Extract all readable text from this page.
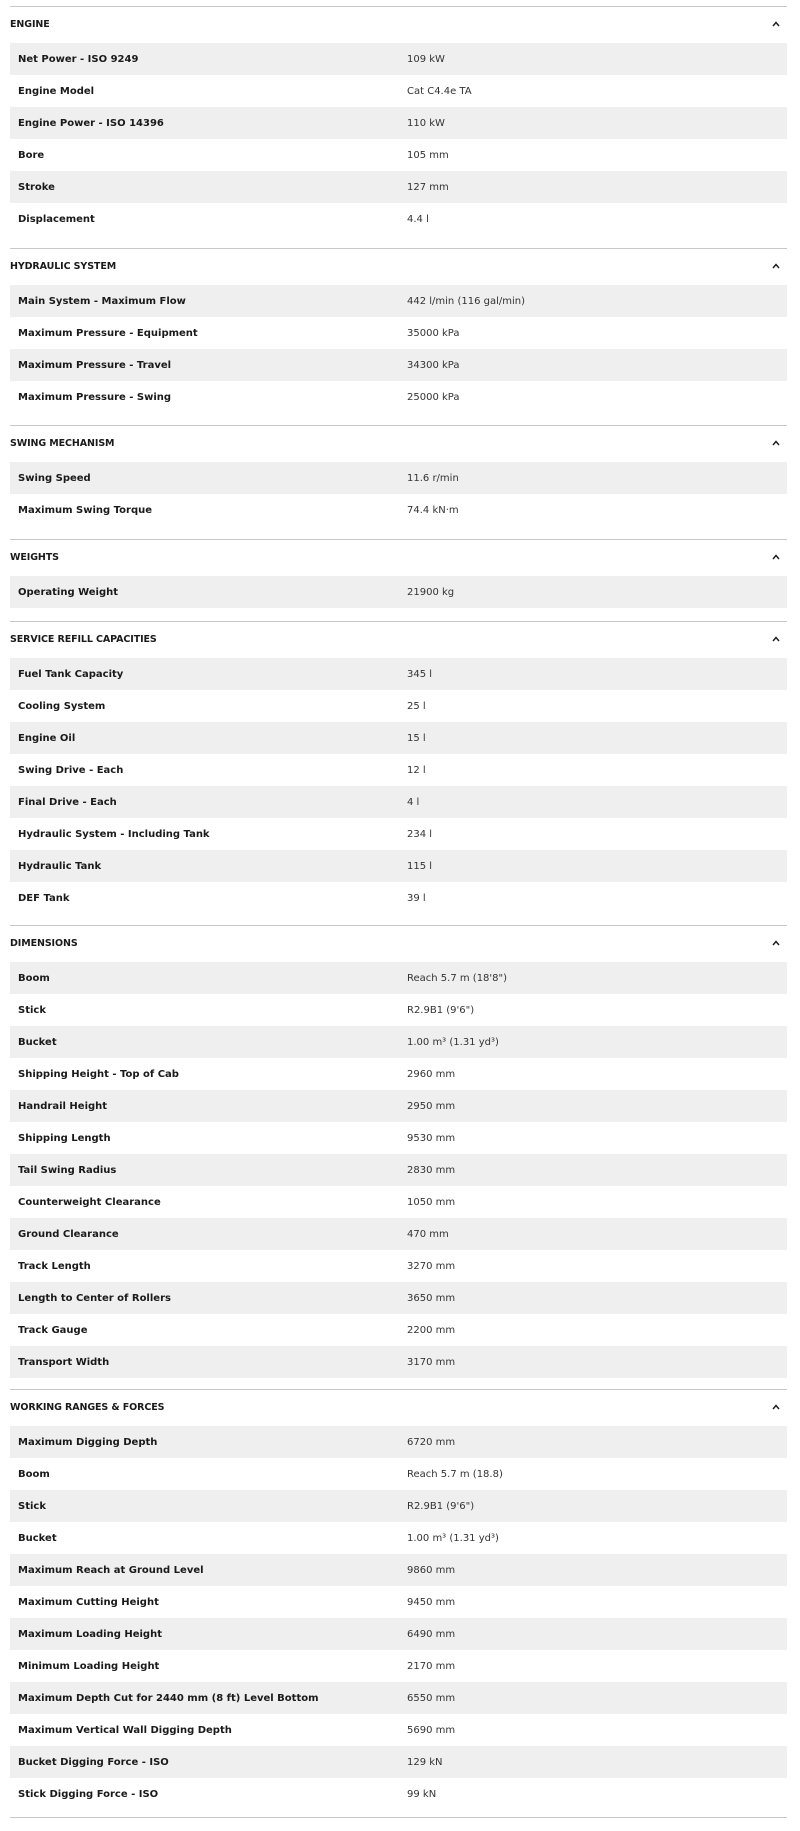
ENGINE
Net Power - ISO 9249	109 kW
Engine Model	Cat C4.4e TA
Engine Power - ISO 14396	110 kW
Bore	105 mm
Stroke	127 mm
Displacement	4.4 l
HYDRAULIC SYSTEM
Main System - Maximum Flow	442 l/min (116 gal/min)
Maximum Pressure - Equipment	35000 kPa
Maximum Pressure - Travel	34300 kPa
Maximum Pressure - Swing	25000 kPa
SWING MECHANISM
Swing Speed	11.6 r/min
Maximum Swing Torque	74.4 kN·m
WEIGHTS
Operating Weight	21900 kg
SERVICE REFILL CAPACITIES
Fuel Tank Capacity	345 l
Cooling System	25 l
Engine Oil	15 l
Swing Drive - Each	12 l
Final Drive - Each	4 l
Hydraulic System - Including Tank	234 l
Hydraulic Tank	115 l
DEF Tank	39 l
DIMENSIONS
Boom	Reach 5.7 m (18'8")
Stick	R2.9B1 (9'6")
Bucket	1.00 m³ (1.31 yd³)
Shipping Height - Top of Cab	2960 mm
Handrail Height	2950 mm
Shipping Length	9530 mm
Tail Swing Radius	2830 mm
Counterweight Clearance	1050 mm
Ground Clearance	470 mm
Track Length	3270 mm
Length to Center of Rollers	3650 mm
Track Gauge	2200 mm
Transport Width	3170 mm
WORKING RANGES & FORCES
Maximum Digging Depth	6720 mm
Boom	Reach 5.7 m (18.8)
Stick	R2.9B1 (9'6")
Bucket	1.00 m³ (1.31 yd³)
Maximum Reach at Ground Level	9860 mm
Maximum Cutting Height	9450 mm
Maximum Loading Height	6490 mm
Minimum Loading Height	2170 mm
Maximum Depth Cut for 2440 mm (8 ft) Level Bottom	6550 mm
Maximum Vertical Wall Digging Depth	5690 mm
Bucket Digging Force - ISO	129 kN
Stick Digging Force - ISO	99 kN
